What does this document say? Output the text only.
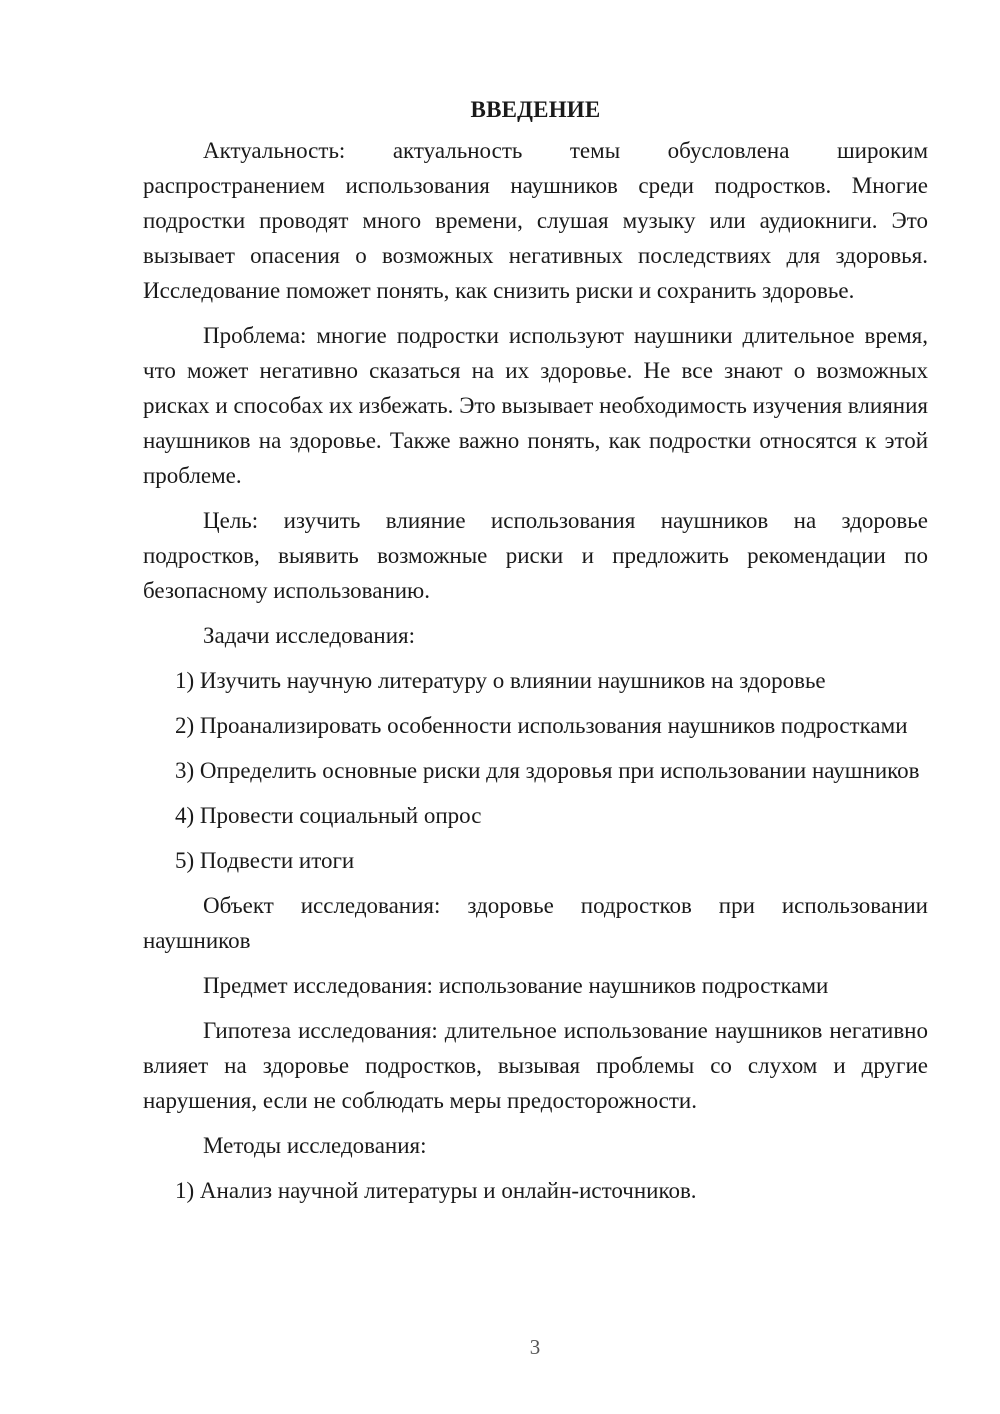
ВВЕДЕНИЕ

Актуальность: актуальность темы обусловлена широким распространением использования наушников среди подростков. Многие подростки проводят много времени, слушая музыку или аудиокниги. Это вызывает опасения о возможных негативных последствиях для здоровья. Исследование поможет понять, как снизить риски и сохранить здоровье.

Проблема: многие подростки используют наушники длительное время, что может негативно сказаться на их здоровье. Не все знают о возможных рисках и способах их избежать. Это вызывает необходимость изучения влияния наушников на здоровье. Также важно понять, как подростки относятся к этой проблеме.

Цель: изучить влияние использования наушников на здоровье подростков, выявить возможные риски и предложить рекомендации по безопасному использованию.

Задачи исследования:

1) Изучить научную литературу о влиянии наушников на здоровье

2) Проанализировать особенности использования наушников подростками

3) Определить основные риски для здоровья при использовании наушников

4) Провести социальный опрос

5) Подвести итоги

Объект исследования: здоровье подростков при использовании наушников

Предмет исследования: использование наушников подростками

Гипотеза исследования: длительное использование наушников негативно влияет на здоровье подростков, вызывая проблемы со слухом и другие нарушения, если не соблюдать меры предосторожности.

Методы исследования:

1) Анализ научной литературы и онлайн-источников.

3
